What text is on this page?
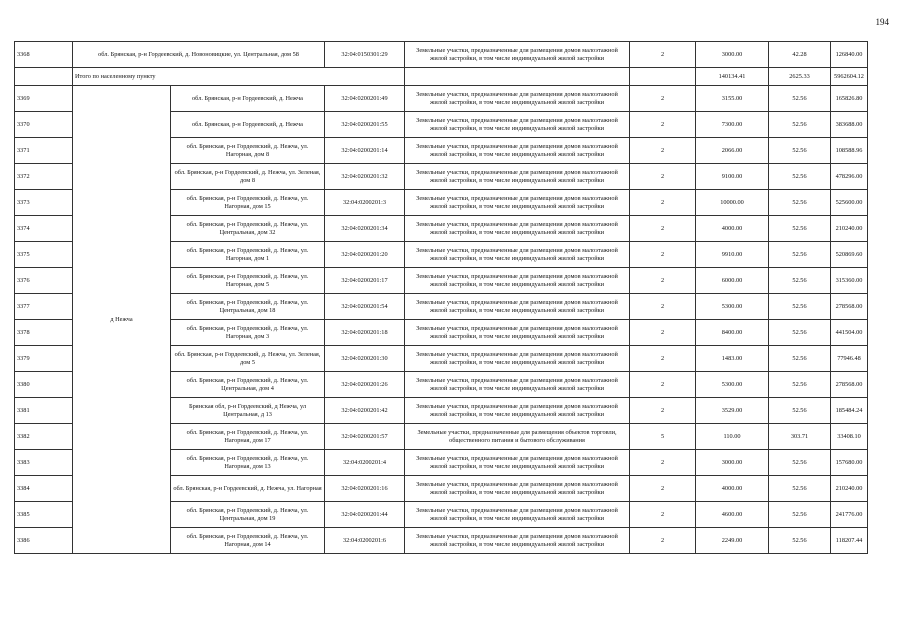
194
3368	обл. Брянская, р-н Гордеевский, д. Новоновицкие, ул. Центральная, дом 58		32:04:0150301:29	Земельные участки, предназначенные для размещения домов малоэтажной жилой застройки, в том числе индивидуальной жилой застройки	2	3000.00	42.28	126840.00
	Итого по населенному пункту					140134.41	2625.33	5962604.12
3369	д Нежча	обл. Брянская, р-н Гордеевский, д. Нежча	32:04:0200201:49	Земельные участки, предназначенные для размещения домов малоэтажной жилой застройки, в том числе индивидуальной жилой застройки	2	3155.00	52.56	165826.80
3370		обл. Брянская, р-н Гордеевский, д. Нежча	32:04:0200201:55	Земельные участки, предназначенные для размещения домов малоэтажной жилой застройки, в том числе индивидуальной жилой застройки	2	7300.00	52.56	383688.00
3371		обл. Брянская, р-н Гордеевский, д. Нежча, ул. Нагорная, дом 8	32:04:0200201:14	Земельные участки, предназначенные для размещения домов малоэтажной жилой застройки, в том числе индивидуальной жилой застройки	2	2066.00	52.56	108588.96
3372		обл. Брянская, р-н Гордеевский, д. Нежча, ул. Зеленая, дом 8	32:04:0200201:32	Земельные участки, предназначенные для размещения домов малоэтажной жилой застройки, в том числе индивидуальной жилой застройки	2	9100.00	52.56	478296.00
3373		обл. Брянская, р-н Гордеевский, д. Нежча, ул. Нагорная, дом 15	32:04:0200201:3	Земельные участки, предназначенные для размещения домов малоэтажной жилой застройки, в том числе индивидуальной жилой застройки	2	10000.00	52.56	525600.00
3374		обл. Брянская, р-н Гордеевский, д. Нежча, ул. Центральная, дом 32	32:04:0200201:34	Земельные участки, предназначенные для размещения домов малоэтажной жилой застройки, в том числе индивидуальной жилой застройки	2	4000.00	52.56	210240.00
3375		обл. Брянская, р-н Гордеевский, д. Нежча, ул. Нагорная, дом 1	32:04:0200201:20	Земельные участки, предназначенные для размещения домов малоэтажной жилой застройки, в том числе индивидуальной жилой застройки	2	9910.00	52.56	520869.60
3376		обл. Брянская, р-н Гордеевский, д. Нежча, ул. Нагорная, дом 5	32:04:0200201:17	Земельные участки, предназначенные для размещения домов малоэтажной жилой застройки, в том числе индивидуальной жилой застройки	2	6000.00	52.56	315360.00
3377		обл. Брянская, р-н Гордеевский, д. Нежча, ул. Центральная, дом 18	32:04:0200201:54	Земельные участки, предназначенные для размещения домов малоэтажной жилой застройки, в том числе индивидуальной жилой застройки	2	5300.00	52.56	278568.00
3378		обл. Брянская, р-н Гордеевский, д. Нежча, ул. Нагорная, дом 3	32:04:0200201:18	Земельные участки, предназначенные для размещения домов малоэтажной жилой застройки, в том числе индивидуальной жилой застройки	2	8400.00	52.56	441504.00
3379		обл. Брянская, р-н Гордеевский, д. Нежча, ул. Зеленая, дом 5	32:04:0200201:30	Земельные участки, предназначенные для размещения домов малоэтажной жилой застройки, в том числе индивидуальной жилой застройки	2	1483.00	52.56	77946.48
3380		обл. Брянская, р-н Гордеевский, д. Нежча, ул. Центральная, дом 4	32:04:0200201:26	Земельные участки, предназначенные для размещения домов малоэтажной жилой застройки, в том числе индивидуальной жилой застройки	2	5300.00	52.56	278568.00
3381		Брянская обл, р-н Гордеевский, д Нежча, ул Центральная, д 13	32:04:0200201:42	Земельные участки, предназначенные для размещения домов малоэтажной жилой застройки, в том числе индивидуальной жилой застройки	2	3529.00	52.56	185484.24
3382		обл. Брянская, р-н Гордеевский, д. Нежча, ул. Нагорная, дом 17	32:04:0200201:57	Земельные участки, предназначенные для размещения объектов торговли, общественного питания и бытового обслуживания	5	110.00	303.71	33408.10
3383		обл. Брянская, р-н Гордеевский, д. Нежча, ул. Нагорная, дом 13	32:04:0200201:4	Земельные участки, предназначенные для размещения домов малоэтажной жилой застройки, в том числе индивидуальной жилой застройки	2	3000.00	52.56	157680.00
3384		обл. Брянская, р-н Гордеевский, д. Нежча, ул. Нагорная	32:04:0200201:16	Земельные участки, предназначенные для размещения домов малоэтажной жилой застройки, в том числе индивидуальной жилой застройки	2	4000.00	52.56	210240.00
3385		обл. Брянская, р-н Гордеевский, д. Нежча, ул. Центральная, дом 19	32:04:0200201:44	Земельные участки, предназначенные для размещения домов малоэтажной жилой застройки, в том числе индивидуальной жилой застройки	2	4600.00	52.56	241776.00
3386		обл. Брянская, р-н Гордеевский, д. Нежча, ул. Нагорная, дом 14	32:04:0200201:6	Земельные участки, предназначенные для размещения домов малоэтажной жилой застройки, в том числе индивидуальной жилой застройки	2	2249.00	52.56	118207.44
